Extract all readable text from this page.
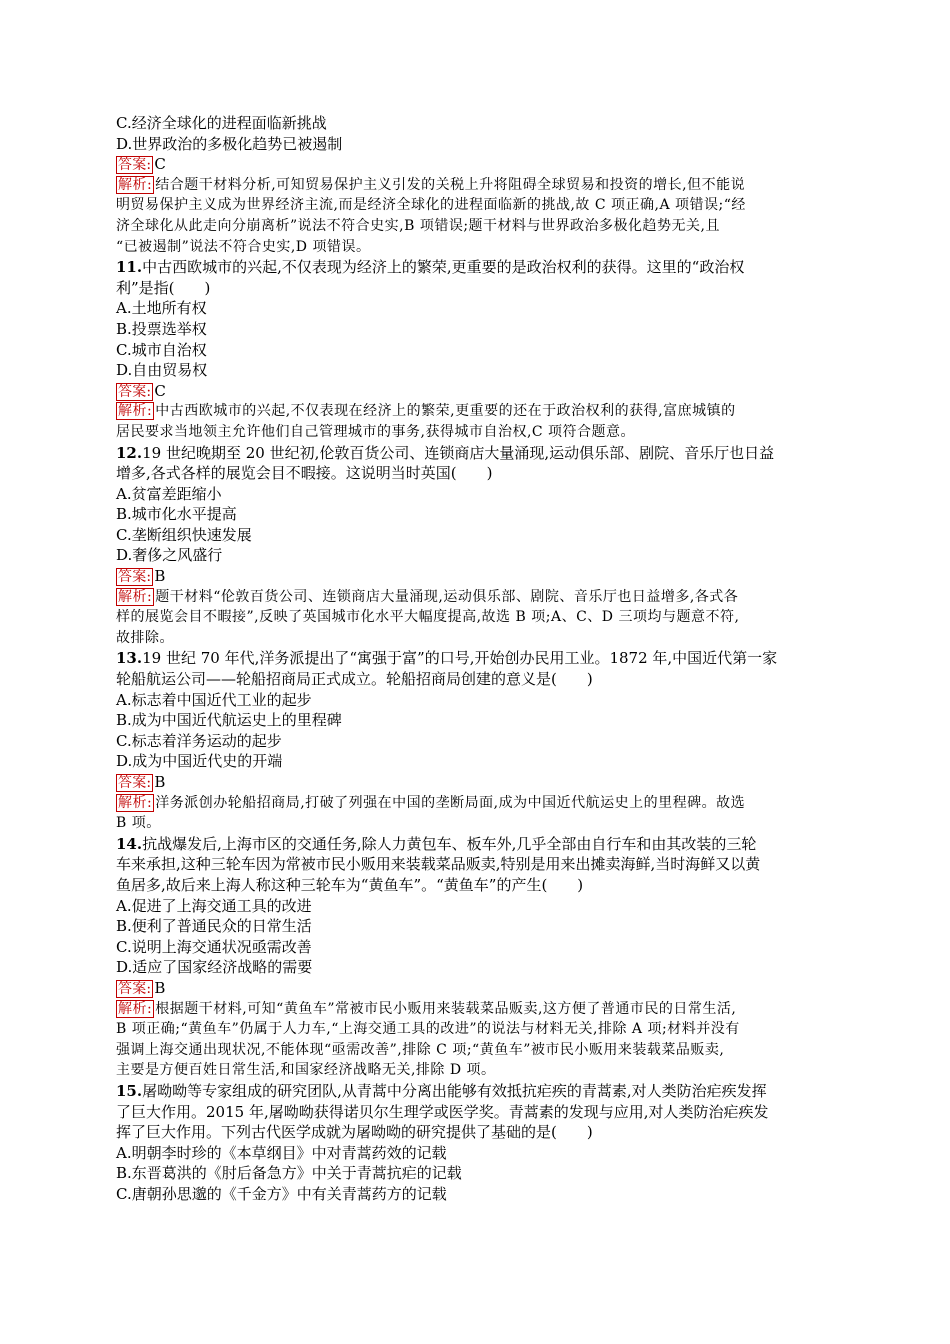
C.经济全球化的进程面临新挑战
D.世界政治的多极化趋势已被遏制
答案: C
解析: 结合题干材料分析,可知贸易保护主义引发的关税上升将阻碍全球贸易和投资的增长,但不能说
明贸易保护主义成为世界经济主流,而是经济全球化的进程面临新的挑战,故 C 项正确,A 项错误;“经
济全球化从此走向分崩离析”说法不符合史实,B 项错误;题干材料与世界政治多极化趋势无关,且
“已被遏制”说法不符合史实,D 项错误。
11.中古西欧城市的兴起,不仅表现为经济上的繁荣,更重要的是政治权利的获得。这里的“政治权
利”是指(　　)
A.土地所有权
B.投票选举权
C.城市自治权
D.自由贸易权
答案: C
解析: 中古西欧城市的兴起,不仅表现在经济上的繁荣,更重要的还在于政治权利的获得,富庶城镇的
居民要求当地领主允许他们自己管理城市的事务,获得城市自治权,C 项符合题意。
12.19 世纪晚期至 20 世纪初,伦敦百货公司、连锁商店大量涌现,运动俱乐部、剧院、音乐厅也日益
增多,各式各样的展览会目不暇接。这说明当时英国(　　)
A.贫富差距缩小
B.城市化水平提高
C.垄断组织快速发展
D.奢侈之风盛行
答案: B
解析: 题干材料“伦敦百货公司、连锁商店大量涌现,运动俱乐部、剧院、音乐厅也日益增多,各式各
样的展览会目不暇接”,反映了英国城市化水平大幅度提高,故选 B 项;A、C、D 三项均与题意不符,
故排除。
13.19 世纪 70 年代,洋务派提出了“寓强于富”的口号,开始创办民用工业。1872 年,中国近代第一家
轮船航运公司——轮船招商局正式成立。轮船招商局创建的意义是(　　)
A.标志着中国近代工业的起步
B.成为中国近代航运史上的里程碑
C.标志着洋务运动的起步
D.成为中国近代史的开端
答案: B
解析: 洋务派创办轮船招商局,打破了列强在中国的垄断局面,成为中国近代航运史上的里程碑。故选
B 项。
14.抗战爆发后,上海市区的交通任务,除人力黄包车、板车外,几乎全部由自行车和由其改装的三轮
车来承担,这种三轮车因为常被市民小贩用来装载菜品贩卖,特别是用来出摊卖海鲜,当时海鲜又以黄
鱼居多,故后来上海人称这种三轮车为“黄鱼车”。“黄鱼车”的产生(　　)
A.促进了上海交通工具的改进
B.便利了普通民众的日常生活
C.说明上海交通状况亟需改善
D.适应了国家经济战略的需要
答案: B
解析: 根据题干材料,可知“黄鱼车”常被市民小贩用来装载菜品贩卖,这方便了普通市民的日常生活,
B 项正确;“黄鱼车”仍属于人力车,“上海交通工具的改进”的说法与材料无关,排除 A 项;材料并没有
强调上海交通出现状况,不能体现“亟需改善”,排除 C 项;“黄鱼车”被市民小贩用来装载菜品贩卖,
主要是方便百姓日常生活,和国家经济战略无关,排除 D 项。
15.屠呦呦等专家组成的研究团队,从青蒿中分离出能够有效抵抗疟疾的青蒿素,对人类防治疟疾发挥
了巨大作用。2015 年,屠呦呦获得诺贝尔生理学或医学奖。青蒿素的发现与应用,对人类防治疟疾发
挥了巨大作用。下列古代医学成就为屠呦呦的研究提供了基础的是(　　)
A.明朝李时珍的《本草纲目》中对青蒿药效的记载
B.东晋葛洪的《肘后备急方》中关于青蒿抗疟的记载
C.唐朝孙思邈的《千金方》中有关青蒿药方的记载
